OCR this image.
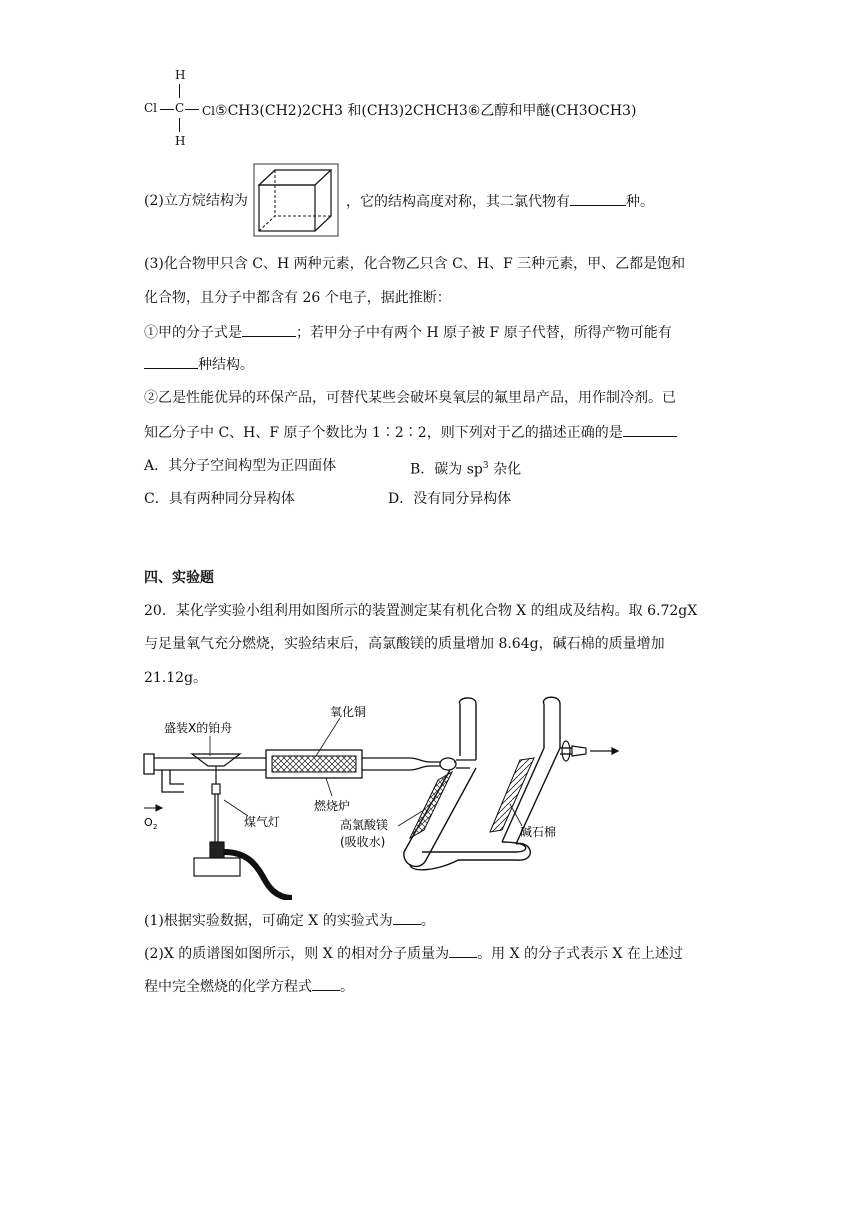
H
Cl C
H
Cl⑤CH3(CH2)2CH3 和(CH3)2CHCH3⑥乙醇和甲醚(CH3OCH3)
(2)立方烷结构为	，它的结构高度对称，其二氯代物有	种。
(3)化合物甲只含 C、H 两种元素，化合物乙只含 C、H、F 三种元素，甲、乙都是饱和
化合物，且分子中都含有 26 个电子，据此推断：
①甲的分子式是	；若甲分子中有两个 H 原子被 F 原子代替，所得产物可能有
种结构。
②乙是性能优异的环保产品，可替代某些会破坏臭氧层的氟里昂产品，用作制冷剂。已
知乙分子中 C、H、F 原子个数比为 1∶2∶2，则下列对于乙的描述正确的是
A．其分子空间构型为正四面体	B．碳为 $sp^3$ 杂化
C．具有两种同分异构体	D．没有同分异构体
四、实验题
20．某化学实验小组利用如图所示的装置测定某有机化合物 X 的组成及结构。取 6.72gX
与足量氧气充分燃烧，实验结束后，高氯酸镁的质量增加 8.64g，碱石棉的质量增加
21.12g。
盛装X的铂舟
氧化铜
燃烧炉
煤气灯
O 2	高氯酸镁
(吸收水)
碱石棉
(1)根据实验数据，可确定 X 的实验式为 。
(2)X 的质谱图如图所示，则 X 的相对分子质量为 。用 X 的分子式表示 X 在上述过
程中完全燃烧的化学方程式 。
